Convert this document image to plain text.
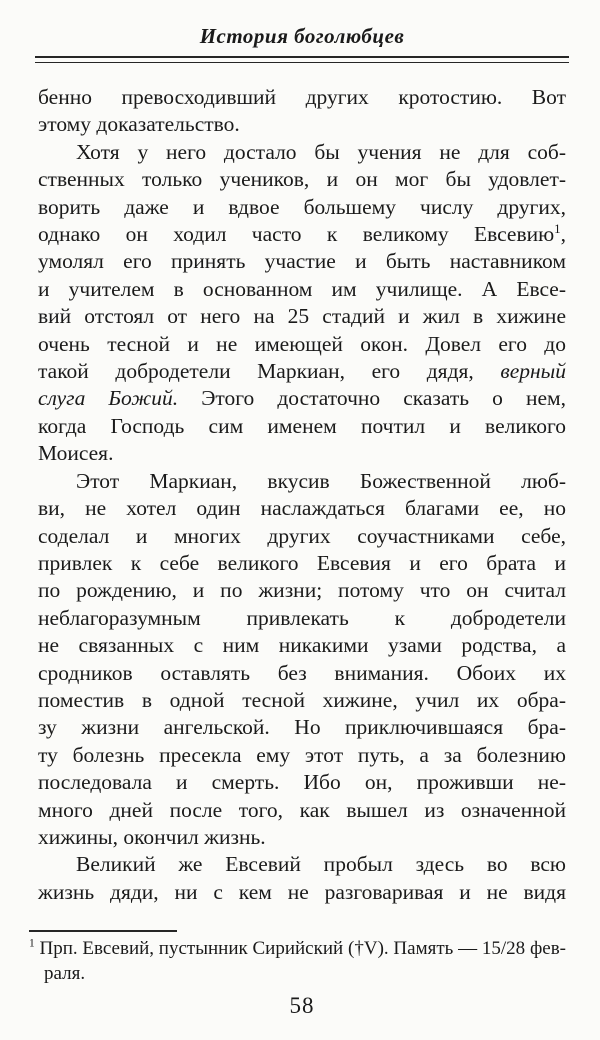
История боголюбцев
бенно превосходивший других кротостию. Вот
этому доказательство.
Хотя у него достало бы учения не для соб-
ственных только учеников, и он мог бы удовлет-
ворить даже и вдвое большему числу других,
однако он ходил часто к великому Евсевию$^1$,
умолял его принять участие и быть наставником
и учителем в основанном им училище. А Евсе-
вий отстоял от него на 25 стадий и жил в хижине
очень тесной и не имеющей окон. Довел его до
такой добродетели Маркиан, его дядя, верный
слуга Божий. Этого достаточно сказать о нем,
когда Господь сим именем почтил и великого
Моисея.
Этот Маркиан, вкусив Божественной люб-
ви, не хотел один наслаждаться благами ее, но
соделал и многих других соучастниками себе,
привлек к себе великого Евсевия и его брата и
по рождению, и по жизни; потому что он считал
неблагоразумным привлекать к добродетели
не связанных с ним никакими узами родства, а
сродников оставлять без внимания. Обоих их
поместив в одной тесной хижине, учил их обра-
зу жизни ангельской. Но приключившаяся бра-
ту болезнь пресекла ему этот путь, а за болезнию
последовала и смерть. Ибо он, проживши не-
много дней после того, как вышел из означенной
хижины, окончил жизнь.
Великий же Евсевий пробыл здесь во всю
жизнь дяди, ни с кем не разговаривая и не видя
$^1$ Прп. Евсевий, пустынник Сирийский (†V). Память — 15/28 фев-
раля.
58
